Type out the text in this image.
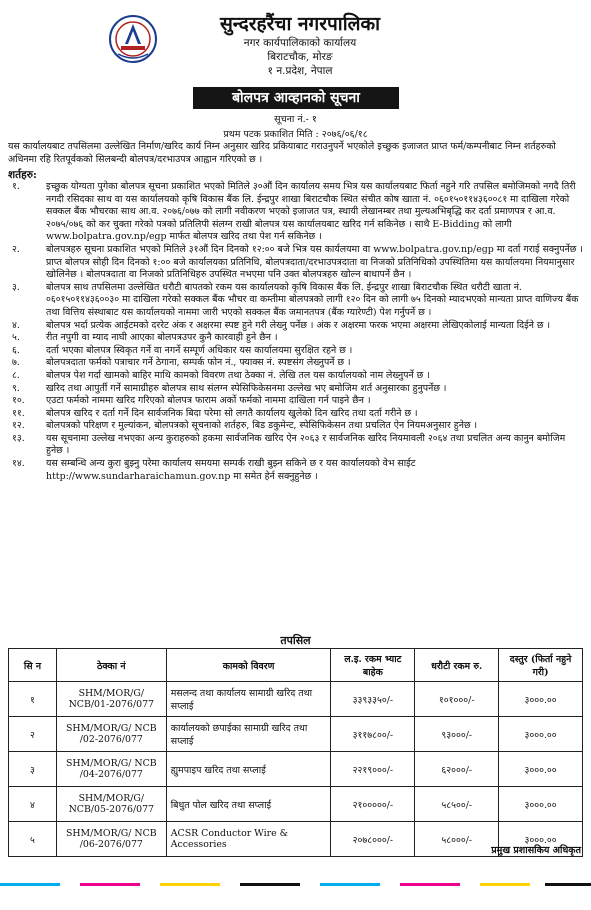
सुन्दरहरैंचा नगरपालिका
नगर कार्यपालिकाको कार्यालय
बिराटचौक, मोरङ
१ न.प्रदेश, नेपाल
बोलपत्र आव्हानको सूचना
सूचना नं.- १
प्रथम पटक प्रकाशित मिति : २०७६/०६/१८
यस कार्यालयबाट तपसिलमा उल्लेखित निर्माण/खरिद कार्य निम्न अनुसार खरिद प्रकियाबाट गराउनुपर्ने भएकोले इच्छुक इजाजत प्राप्त फर्म/कम्पनीबाट निम्न शर्तहरुको अधिनमा रहि रितपूर्वकको सिलबन्दी बोलपत्र/दरभाउपत्र आह्वान गरिएको छ ।
शर्तहरु:
१.	इच्छुक योग्यता पुगेका बोलपत्र सूचना प्रकाशित भएको मितिले ३०औं दिन कार्यालय समय भित्र यस कार्यालयबाट फिर्ता नहुने गरि तपसिल बमोजिमको नगदै तिरी नगदी रसिदका साथ वा यस कार्यालयको कृषि विकास बैंक लि. ईन्द्रपुर शाखा बिराटचौक स्थित संचीत कोष खाता नं. ०६०१५०११४३६००८१ मा दाखिला गरेको सक्कल बैंक भौचरका साथ आ.व. २०७६/०७७ को लागी नवीकरण भएको इजाजत पत्र, स्थायी लेखानम्बर तथा मुल्यअभिबृद्धि कर दर्ता प्रमाणपत्र र आ.व. २०७५/०७६ को कर चुक्ता गरेको पत्रको प्रतिलिपी संलग्न राखी बोलपत्र यस कार्यालयबाट खरिद गर्न सकिनेछ । साथै E-Bidding को लागी www.bolpatra.gov.np/egp मार्फत बोलपत्र खरिद तथा पेश गर्न सकिनेछ ।
२.	बोलपत्रहरु सूचना प्रकाशित भएको मितिले ३१औं दिन दिनको १२:०० बजे भित्र यस कार्यलयमा वा www.bolpatra.gov.np/egp मा दर्ता गराई सक्नुपर्नेछ । प्राप्त बोलपत्र सोही दिन दिनको १:०० बजे कार्यालयका प्रतिनिधि, बोलपत्रदाता/दरभाउपत्रदाता वा निजको प्रतिनिधिको उपस्थितिमा यस कार्यालयमा नियमानुसार खोलिनेछ । बोलपत्रदाता वा निजको प्रतिनिधिहरु उपस्थित नभएमा पनि उक्त बोलपत्रहरु खोल्न बाधापर्ने छैन ।
३.	बोलपत्र साथ तपसिलमा उल्लेखित धरौटी बापतको रकम यस कार्यालयको कृषि विकास बैंक लि. ईन्द्रपुर शाखा बिराटचौक स्थित धरौटी खाता नं. ०६०१५०११४३६००३० मा दाखिला गरेको सक्कल बैंक भौचर वा कम्तीमा बोलपत्रको लागी १२० दिन को लागी ७५ दिनको म्यादभएको मान्यता प्राप्त वाणिज्य बैंक तथा वित्तिय संस्थाबाट यस कार्यालयको नाममा जारी भएको सक्कल बैंक जमानतपत्र (बैंक ग्यारेण्टी) पेश गर्नुपर्ने छ ।
४.	बोलपत्र भर्दा प्रत्येक आईटमको दररेट अंक र अक्षरमा स्पष्ट हुने गरी लेख्नु पर्नेछ । अंक र अक्षरमा फरक भएमा अक्षरमा लेखिएकोलाई मान्यता दिईने छ ।
५.	रीत नपुगी वा म्याद नाघी आएका बोलपत्रउपर कुनै कारवाही हुने छैन ।
६.	दर्ता भएका बोलपत्र स्विकृत गर्ने वा नगर्ने सम्पूर्ण अधिकार यस कार्यालयमा सुरक्षित रहने छ ।
७.	बोलपत्रदाता फर्मको पत्राचार गर्ने ठेगाना, सम्पर्क फोन नं., फ्याक्स नं. स्पष्टसंग लेख्नुपर्ने छ ।
८.	बोलपत्र पेश गर्दा खामको बाहिर माथि कामको विवरण तथा ठेक्का नं. लेखि तल यस कार्यालयको नाम लेख्नुपर्ने छ ।
९.	खरिद तथा आपुर्ती गर्ने सामाग्रीहरु बोलपत्र साथ संलग्न स्पेसिफिकेसनमा उल्लेख भए बमोजिम शर्त अनुसारका हुनुपर्नेछ ।
१०.	एउटा फर्मको नाममा खरिद गरिएको बोलपत्र फाराम अर्को फर्मको नाममा दाखिला गर्न पाइने छैन ।
११.	बोलपत्र खरिद र दर्ता गर्ने दिन सार्वजनिक बिदा परेमा सो लगतै कार्यालय खुलेको दिन खरिद तथा दर्ता गरीने छ ।
१२.	बोलपत्रको परिक्षण र मुल्यांकन, बोलपत्रको सूचनाको शर्तहरु, बिड डकुमेन्ट, स्पेसिफिकेसन तथा प्रचलित ऐन नियमअनुसार हुनेछ ।
१३.	यस सूचनामा उल्लेख नभएका अन्य कुराहरुको हकमा सार्वजनिक खरिद ऐन २०६३ र सार्वजनिक खरिद नियमावली २०६४ तथा प्रचलित अन्य कानुन बमोजिम हुनेछ ।
१४.	यस सम्बन्धि अन्य कुरा बुझ्नु परेमा कार्यालय समयमा सम्पर्क राखी बुझ्न सकिने छ र यस कार्यालयको वेभ साईट http://www.sundarharaichamun.gov.np मा समेत हेर्न सक्नुहुनेछ ।
तपसिल
सि न	ठेक्का नं	कामको विवरण	ल.इ. रकम भ्याट बाहेक	धरौटी रकम रु.	दस्तुर (फिर्ता नहुने गरी)
१	SHM/MOR/G/ NCB/01-2076/077	मसलन्द तथा कार्यालय सामाग्री खरिद तथा सप्लाई	३३९३३५०/-	१०१०००/-	३०००.००
२	SHM/MOR/G/ NCB /02-2076/077	कार्यालयको छपाईका सामाग्री खरिद तथा सप्लाई	३११७८००/-	९३०००/-	३०००.००
३	SHM/MOR/G/ NCB /04-2076/077	ह्युमपाइप खरिद तथा सप्लाई	२२१९०००/-	६२०००/-	३०००.००
४	SHM/MOR/G/ NCB/05-2076/077	बिधुत पोल खरिद तथा सप्लाई	२१०००००/-	५८५००/-	३०००.००
५	SHM/MOR/G/ NCB /06-2076/077	ACSR Conductor Wire & Accessories	२०७८०००/-	५८०००/-	३०००.००
प्रमुख प्रशासकिय अधिकृत
